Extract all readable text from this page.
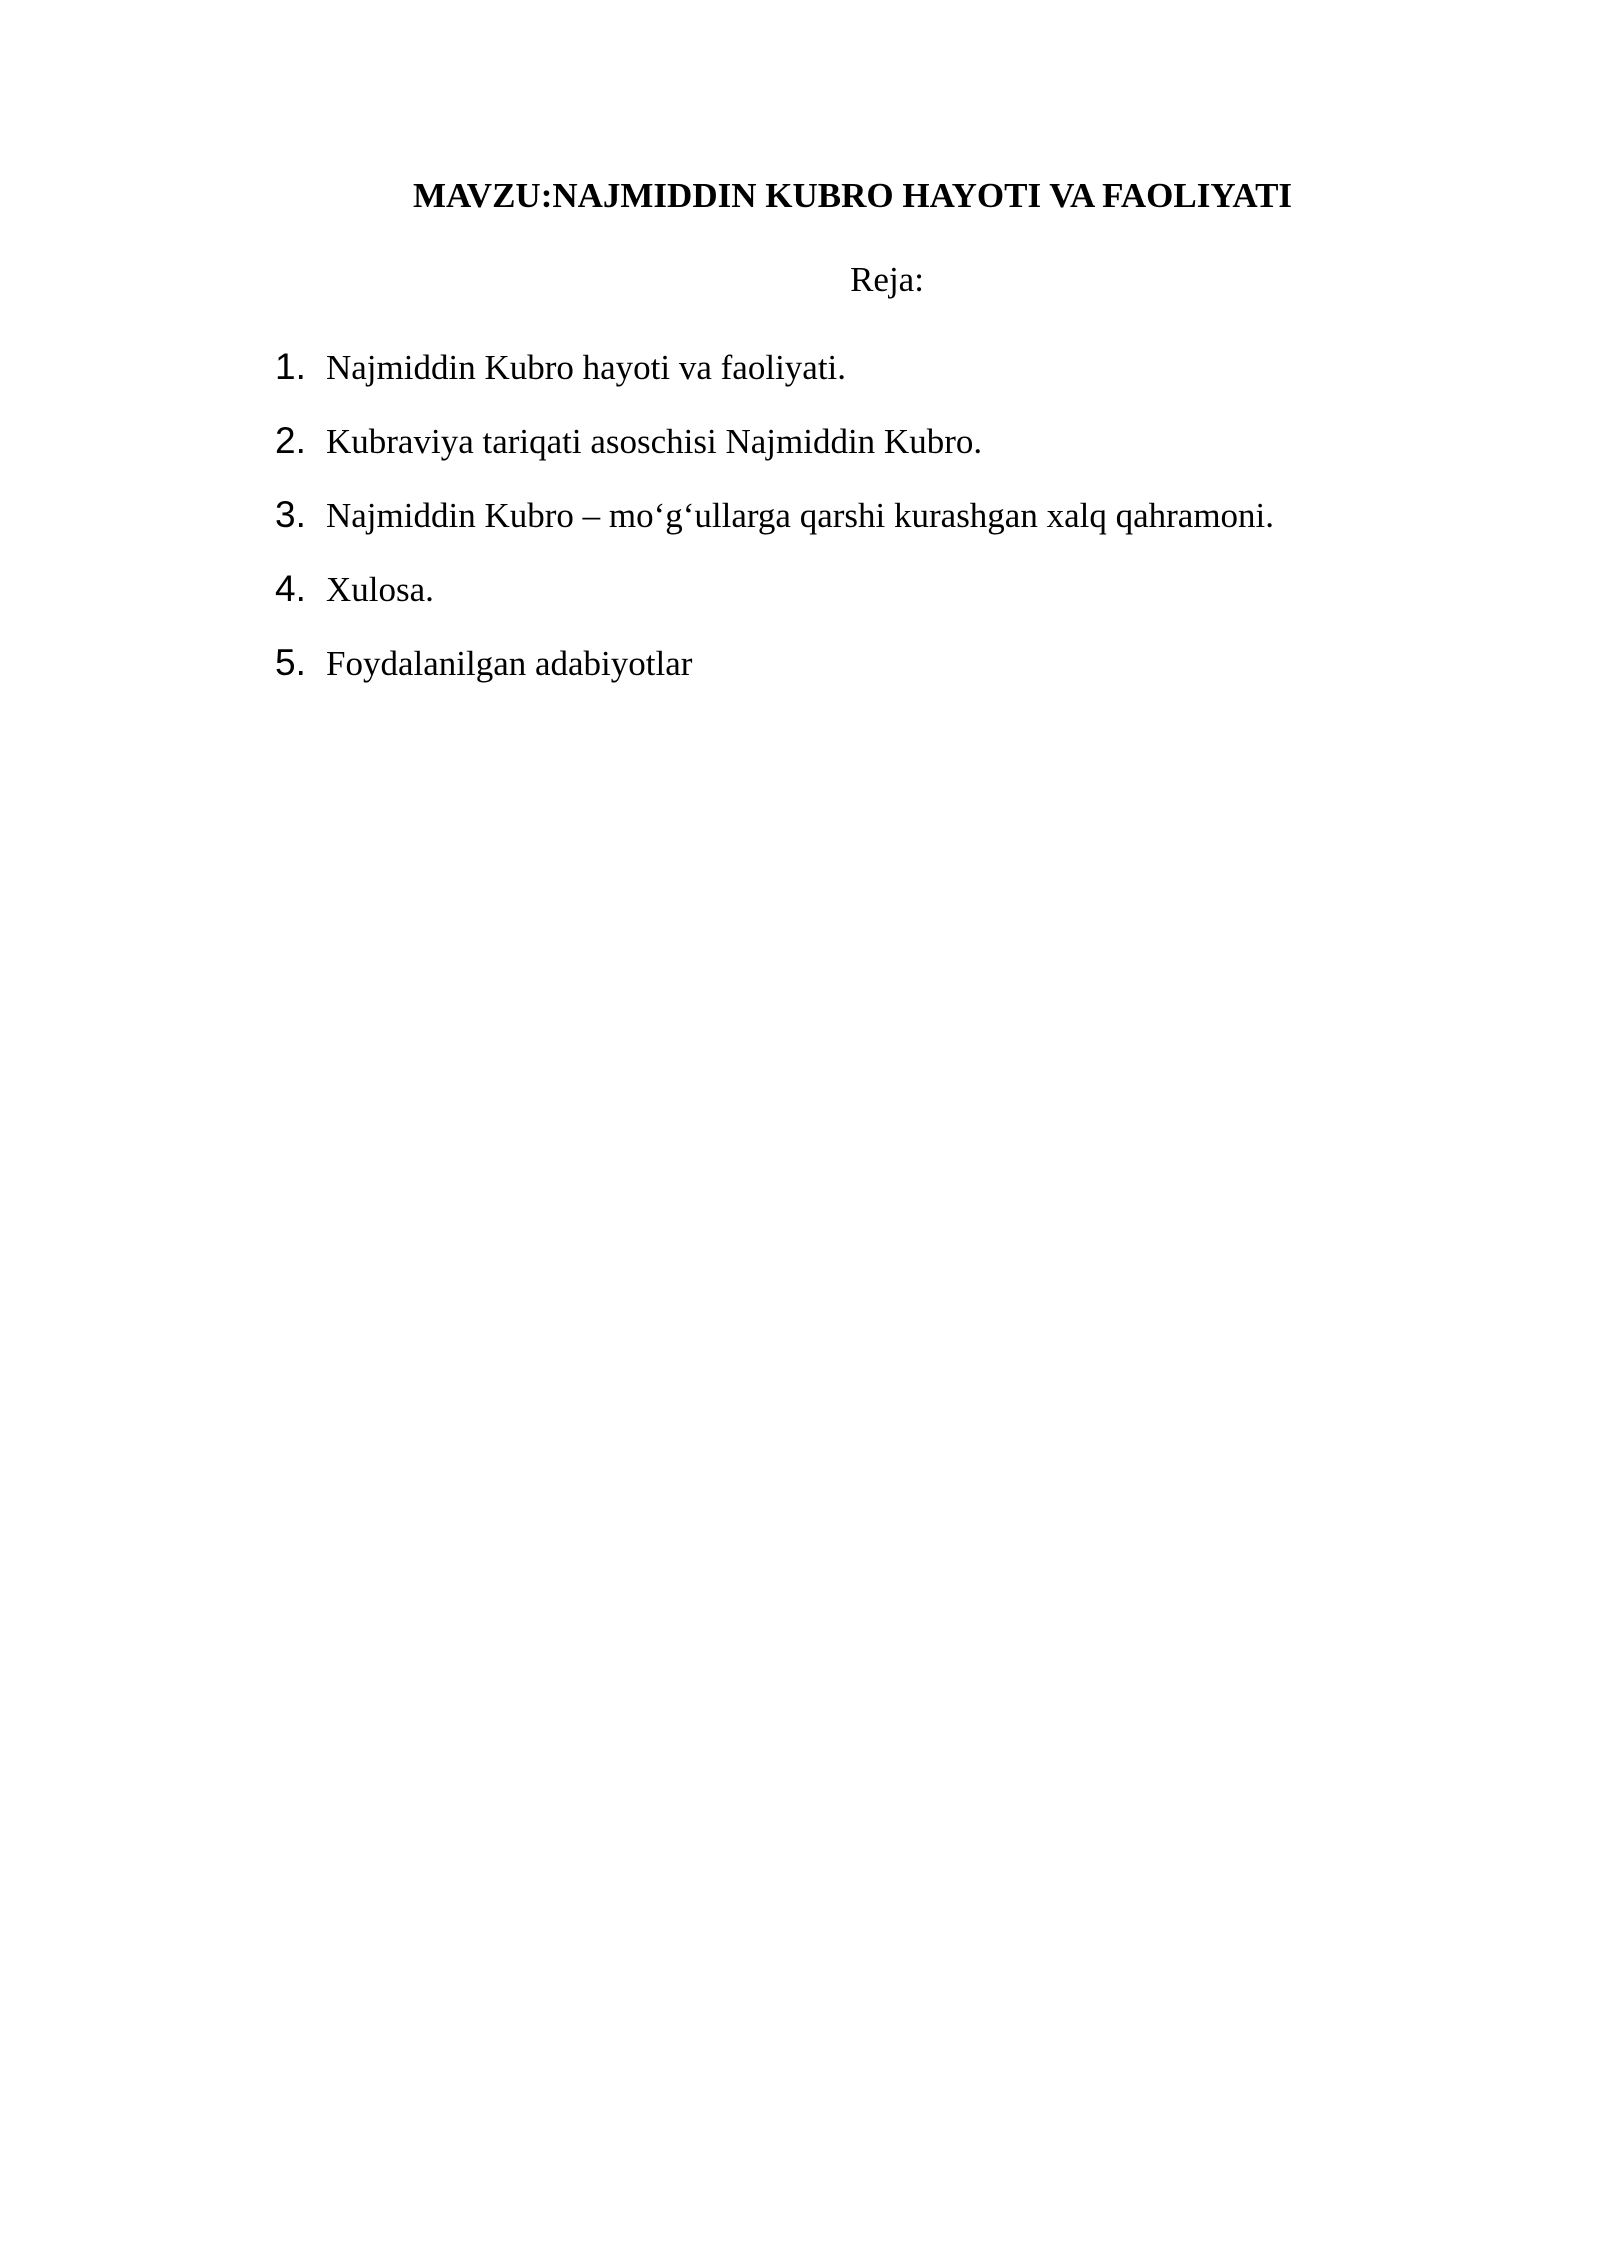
MAVZU:NAJMIDDIN KUBRO HAYOTI VA FAOLIYATI
Reja:
1. Najmiddin Kubro hayoti va faoliyati.
2. Kubraviya tariqati asoschisi Najmiddin Kubro.
3. Najmiddin Kubro – mo‘g‘ullarga qarshi kurashgan xalq qahramoni.
4. Xulosa.
5. Foydalanilgan adabiyotlar
